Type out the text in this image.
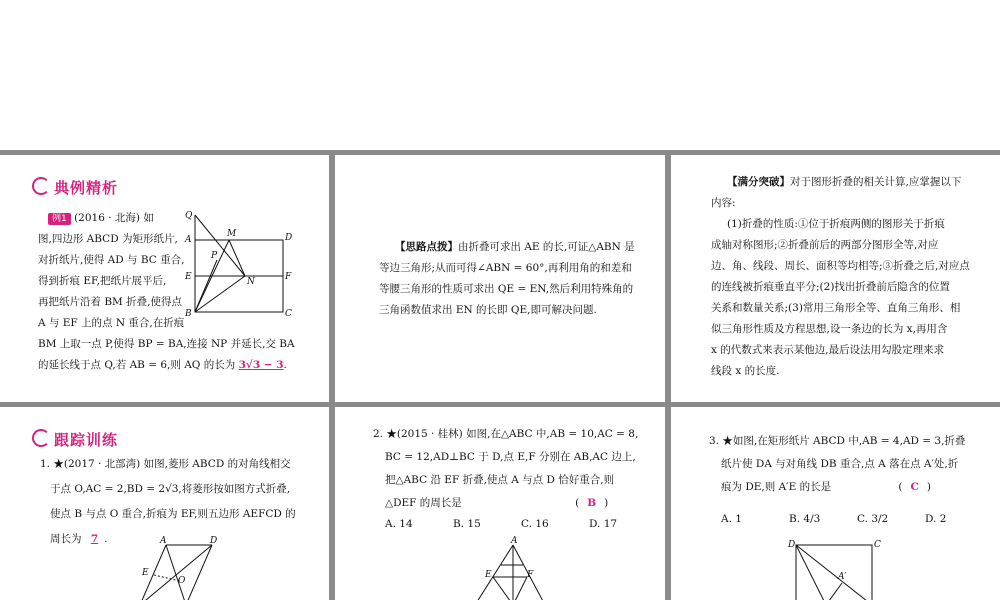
典例精析
例1 (2016 · 北海) 如
图,四边形 ABCD 为矩形纸片,
对折纸片,使得 AD 与 BC 重合,
得到折痕 EF,把纸片展平后,
再把纸片沿着 BM 折叠,使得点
A 与 EF 上的点 N 重合,在折痕
BM 上取一点 P,使得 BP = BA,连接 NP 并延长,交 BA
的延长线于点 Q,若 AB = 6,则 AQ 的长为 3√3 − 3.
Q
M	D
A
P
E	F
N
B	C
【思路点拨】由折叠可求出 AE 的长,可证△ABN 是
等边三角形;从而可得∠ABN = 60°,再利用角的和差和
等腰三角形的性质可求出 QE = EN,然后利用特殊角的
三角函数值求出 EN 的长即 QE,即可解决问题.
【满分突破】对于图形折叠的相关计算,应掌握以下
内容:
(1)折叠的性质:①位于折痕两侧的图形关于折痕
成轴对称图形;②折叠前后的两部分图形全等,对应
边、角、线段、周长、面积等均相等;③折叠之后,对应点
的连线被折痕垂直平分;(2)找出折叠前后隐含的位置
关系和数量关系;(3)常用三角形全等、直角三角形、相
似三角形性质及方程思想,设一条边的长为 x,再用含
x 的代数式来表示某他边,最后设法用勾股定理来求
线段 x 的长度.
跟踪训练
1. ★(2017 · 北部湾) 如图,菱形 ABCD 的对角线相交
于点 O,AC = 2,BD = 2√3,将菱形按如图方式折叠,
使点 B 与点 O 重合,折痕为 EF,则五边形 AEFCD 的
周长为 7 .	A	D
E
O
2. ★(2015 · 桂林) 如图,在△ABC 中,AB = 10,AC = 8,
BC = 12,AD⊥BC 于 D,点 E,F 分别在 AB,AC 边上,
把△ABC 沿 EF 折叠,使点 A 与点 D 恰好重合,则
△DEF 的周长是	( B )
A. 14	B. 15	C. 16	D. 17
A
E	F
3. ★如图,在矩形纸片 ABCD 中,AB = 4,AD = 3,折叠
纸片使 DA 与对角线 DB 重合,点 A 落在点 A′处,折
痕为 DE,则 A′E 的长是	( C )
A. 1	B. 4/3	C. 3/2	D. 2
D	C
A′
